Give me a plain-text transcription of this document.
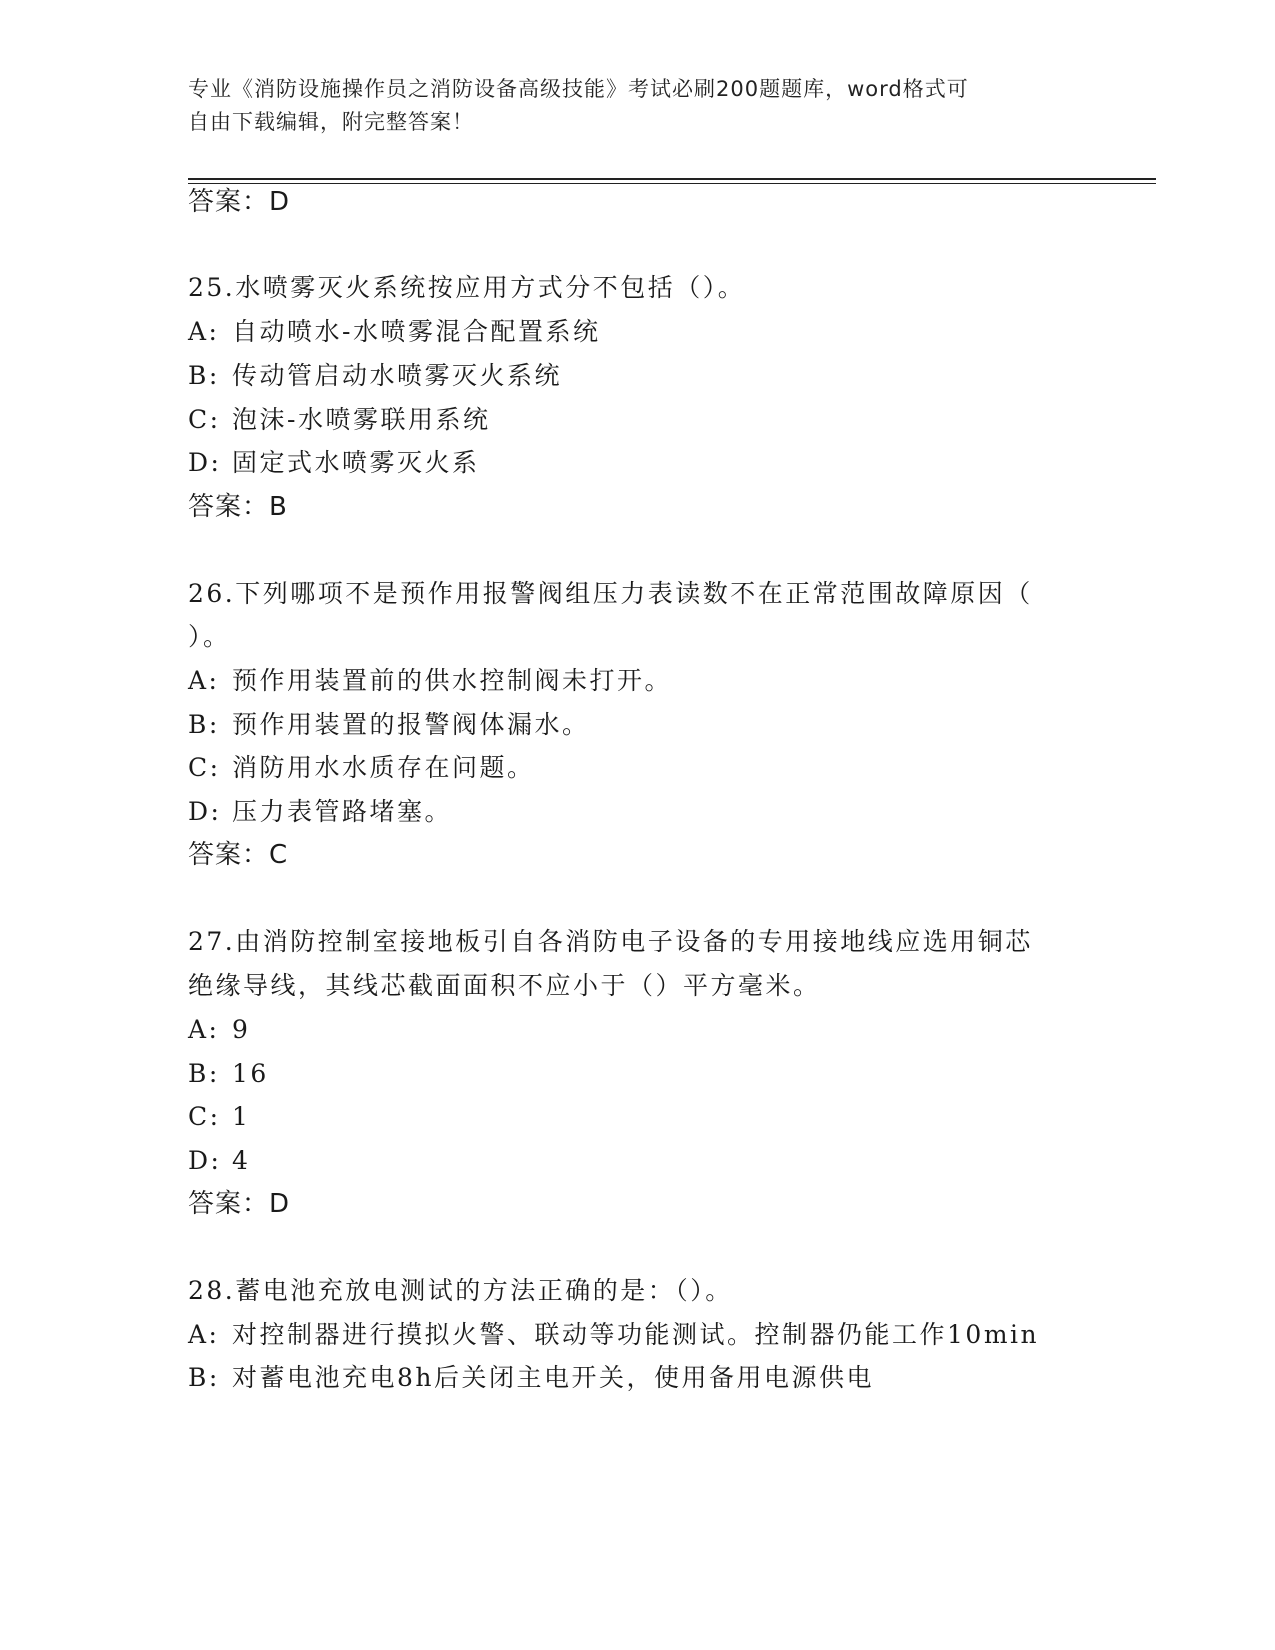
专业《消防设施操作员之消防设备高级技能》考试必刷200题题库，word格式可
自由下载编辑，附完整答案！
答案：D
25.水喷雾灭火系统按应用方式分不包括（）。
A: 自动喷水-水喷雾混合配置系统
B: 传动管启动水喷雾灭火系统
C: 泡沫-水喷雾联用系统
D: 固定式水喷雾灭火系
答案：B
26.下列哪项不是预作用报警阀组压力表读数不在正常范围故障原因（
）。
A: 预作用装置前的供水控制阀未打开。
B: 预作用装置的报警阀体漏水。
C: 消防用水水质存在问题。
D: 压力表管路堵塞。
答案：C
27.由消防控制室接地板引自各消防电子设备的专用接地线应选用铜芯
绝缘导线，其线芯截面面积不应小于（）平方毫米。
A: 9
B: 16
C: 1
D: 4
答案：D
28.蓄电池充放电测试的方法正确的是：（）。
A: 对控制器进行摸拟火警、联动等功能测试。控制器仍能工作10min
B: 对蓄电池充电8h后关闭主电开关，使用备用电源供电
